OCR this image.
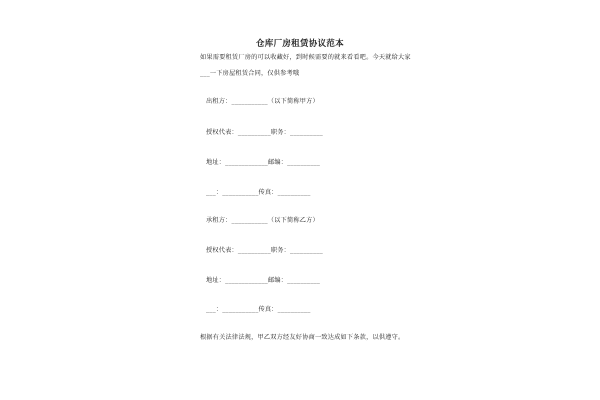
仓库厂房租赁协议范本
如果需要租赁厂房的可以收藏好，到时候需要的就来看看吧。今天就给大家 ___一下房屋租赁合同，仅供参考哦
出租方：___________（以下简称甲方）
授权代表：__________职务：__________
地址：_____________邮编：__________
___：___________传真：__________
承租方：___________（以下简称乙方）
授权代表：__________职务：__________
地址：_____________邮编：__________
___：___________传真：__________
根据有关法律法规，甲乙双方经友好协商一致达成如下条款，以供遵守。
